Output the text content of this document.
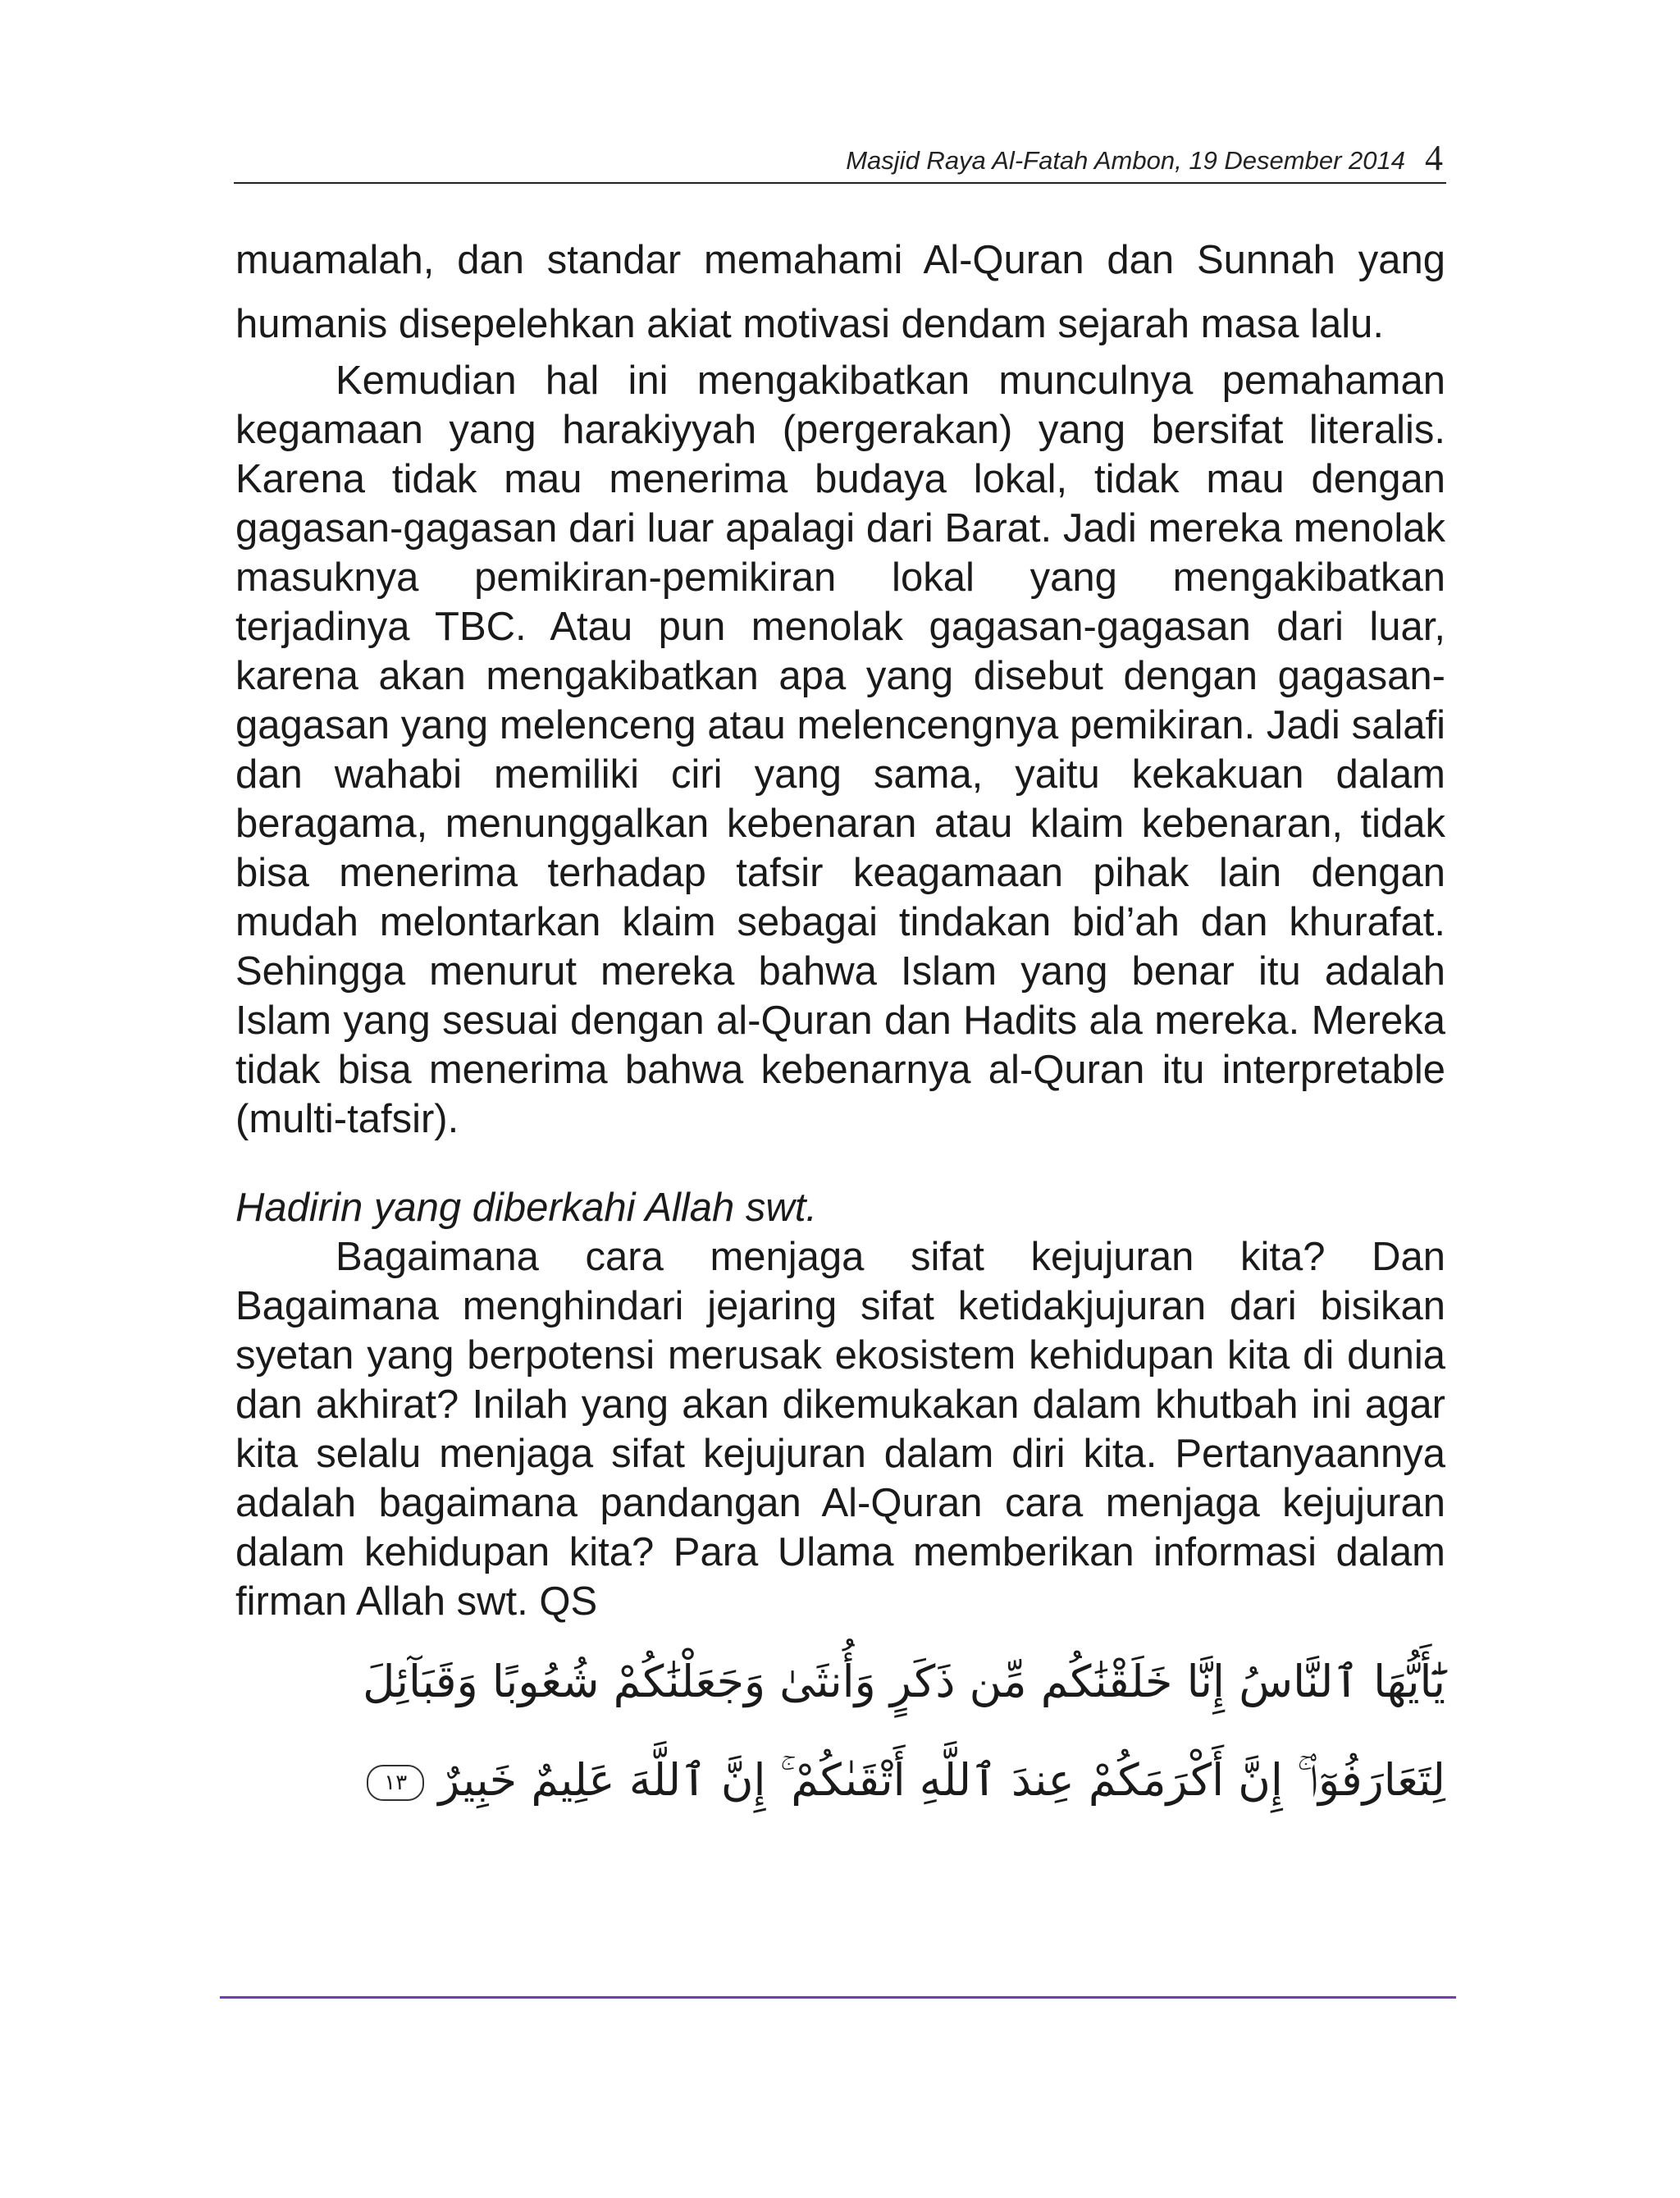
Masjid Raya Al-Fatah Ambon, 19 Desember 2014 4

muamalah, dan standar memahami Al-Quran dan Sunnah yang humanis disepelehkan akiat motivasi dendam sejarah masa lalu.

Kemudian hal ini mengakibatkan munculnya pemahaman kegamaan yang harakiyyah (pergerakan) yang bersifat literalis. Karena tidak mau menerima budaya lokal, tidak mau dengan gagasan-gagasan dari luar apalagi dari Barat. Jadi mereka menolak masuknya pemikiran-pemikiran lokal yang mengakibatkan terjadinya TBC. Atau pun menolak gagasan-gagasan dari luar, karena akan mengakibatkan apa yang disebut dengan gagasan-gagasan yang melenceng atau melencengnya pemikiran. Jadi salafi dan wahabi memiliki ciri yang sama, yaitu kekakuan dalam beragama, menunggalkan kebenaran atau klaim kebenaran, tidak bisa menerima terhadap tafsir keagamaan pihak lain dengan mudah melontarkan klaim sebagai tindakan bid’ah dan khurafat. Sehingga menurut mereka bahwa Islam yang benar itu adalah Islam yang sesuai dengan al-Quran dan Hadits ala mereka. Mereka tidak bisa menerima bahwa kebenarnya al-Quran itu interpretable (multi-tafsir).

Hadirin yang diberkahi Allah swt.

Bagaimana cara menjaga sifat kejujuran kita? Dan Bagaimana menghindari jejaring sifat ketidakjujuran dari bisikan syetan yang berpotensi merusak ekosistem kehidupan kita di dunia dan akhirat? Inilah yang akan dikemukakan dalam khutbah ini agar kita selalu menjaga sifat kejujuran dalam diri kita. Pertanyaannya adalah bagaimana pandangan Al-Quran cara menjaga kejujuran dalam kehidupan kita? Para Ulama memberikan informasi dalam firman Allah swt. QS

يَٰٓأَيُّهَا ٱلنَّاسُ إِنَّا خَلَقْنَٰكُم مِّن ذَكَرٍ وَأُنثَىٰ وَجَعَلْنَٰكُمْ شُعُوبًا وَقَبَآئِلَ لِتَعَارَفُوٓا۟ ۚ إِنَّ أَكْرَمَكُمْ عِندَ ٱللَّهِ أَتْقَىٰكُمْ ۚ إِنَّ ٱللَّهَ عَلِيمٌ خَبِيرٌ ١٣
